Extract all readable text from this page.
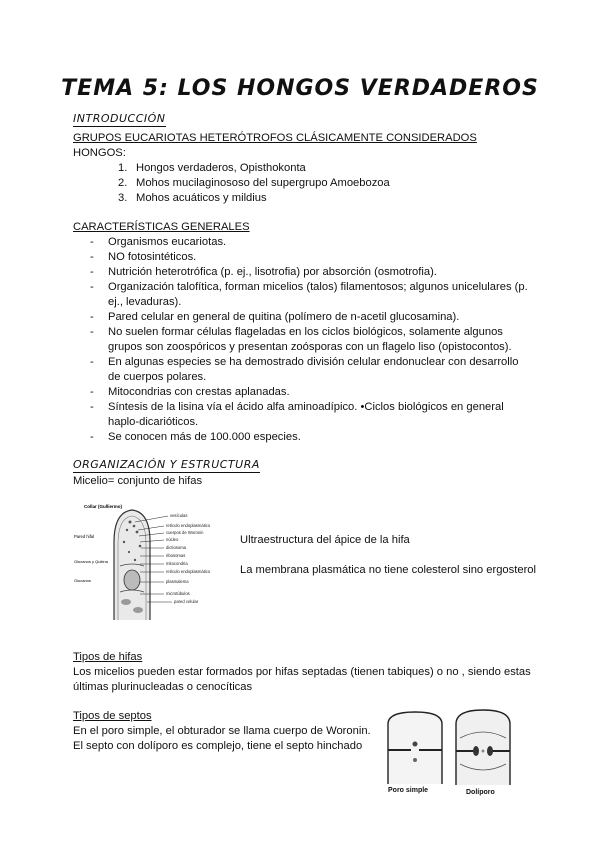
TEMA 5: LOS HONGOS VERDADEROS
INTRODUCCIÓN
GRUPOS EUCARIOTAS HETERÓTROFOS CLÁSICAMENTE CONSIDERADOS
HONGOS:
1. Hongos verdaderos, Opisthokonta
2. Mohos mucilaginososo del supergrupo Amoebozoa
3. Mohos acuáticos y mildius
CARACTERÍSTICAS GENERALES
- Organismos eucariotas.
- NO fotosintéticos.
- Nutrición heterotrófica (p. ej., lisotrofia) por absorción (osmotrofia).
- Organización talofítica, forman micelios (talos) filamentosos; algunos unicelulares (p. ej., levaduras).
- Pared celular en general de quitina (polímero de n-acetil glucosamina).
- No suelen formar células flageladas en los ciclos biológicos, solamente algunos grupos son zoospóricos y presentan zoósporas con un flagelo liso (opistocontos).
- En algunas especies se ha demostrado división celular endonuclear con desarrollo de cuerpos polares.
- Mitocondrias con crestas aplanadas.
- Síntesis de la lisina vía el ácido alfa aminoadípico. •Ciclos biológicos en general haplo-dicarióticos.
- Se conocen más de 100.000 especies.
ORGANIZACIÓN Y ESTRUCTURA
Micelio= conjunto de hifas
Collar (Gulliermo)
Pared hifal
Glucanos y Quitina
Glucanos
vesículas
retículo endoplasmático
cuerpos de Woronin
núcleo
dictiosoma
ribosomas
mitocondria
retículo endoplasmático
plasmalema
microtúbulos
pared celular
Ultraestructura del ápice de la hifa
La membrana plasmática no tiene colesterol sino ergosterol
Tipos de hifas
Los micelios pueden estar formados por hifas septadas (tienen tabiques) o no , siendo estas últimas plurinucleadas o cenocíticas
Tipos de septos
En el poro simple, el obturador se llama cuerpo de Woronin.
El septo con dolíporo es complejo, tiene el septo hinchado
Poro simple	Dolíporo
